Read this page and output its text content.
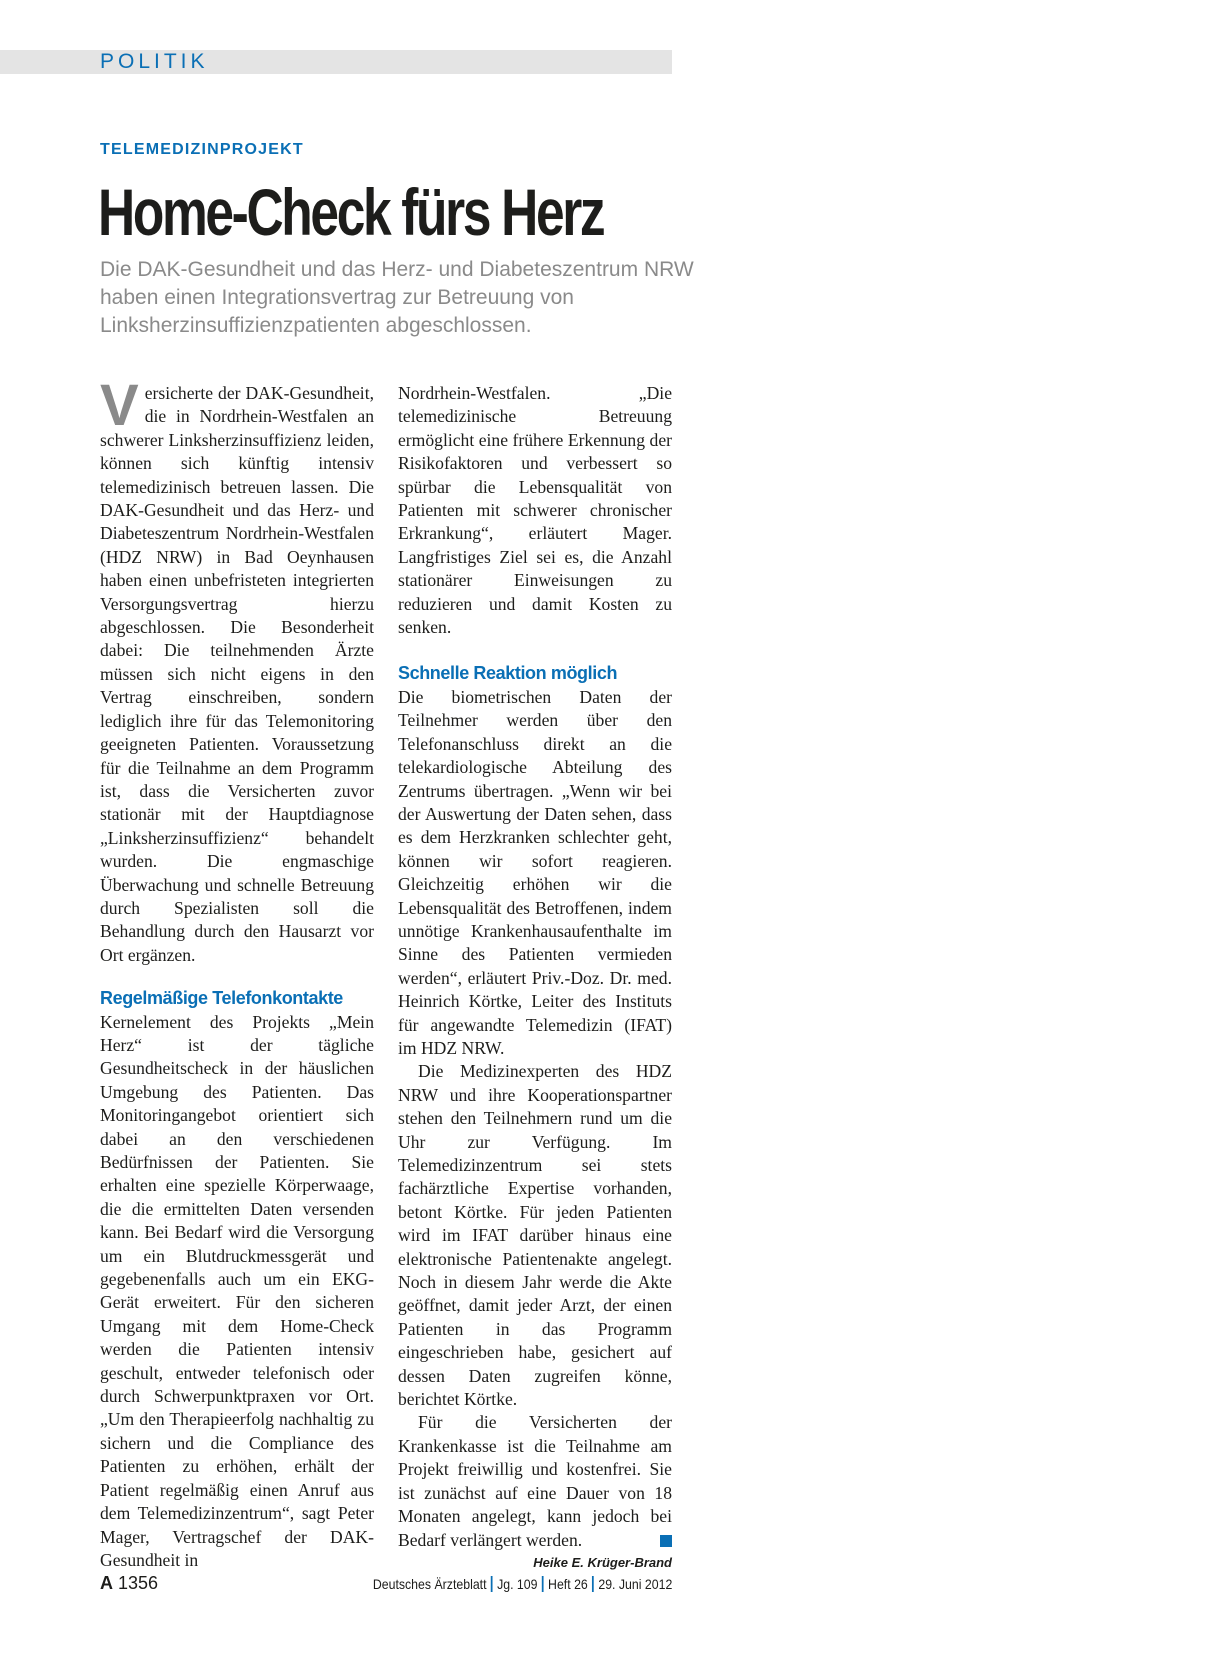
POLITIK
TELEMEDIZINPROJEKT
Home-Check fürs Herz

Die DAK-Gesundheit und das Herz- und Diabeteszentrum NRW haben einen Integrationsvertrag zur Betreuung von Linksherzinsuffizienzpatienten abgeschlossen.

Versicherte der DAK-Gesundheit, die in Nordrhein-Westfalen an schwerer Linksherzinsuffizienz leiden, können sich künftig intensiv telemedizinisch betreuen lassen. Die DAK-Gesundheit und das Herz- und Diabeteszentrum Nordrhein-Westfalen (HDZ NRW) in Bad Oeynhausen haben einen unbefristeten integrierten Versorgungsvertrag hierzu abgeschlossen. Die Besonderheit dabei: Die teilnehmenden Ärzte müssen sich nicht eigens in den Vertrag einschreiben, sondern lediglich ihre für das Telemonitoring geeigneten Patienten. Voraussetzung für die Teilnahme an dem Programm ist, dass die Versicherten zuvor stationär mit der Hauptdiagnose „Linksherzinsuffizienz“ behandelt wurden. Die engmaschige Überwachung und schnelle Betreuung durch Spezialisten soll die Behandlung durch den Hausarzt vor Ort ergänzen.

Regelmäßige Telefonkontakte

Kernelement des Projekts „Mein Herz“ ist der tägliche Gesundheitscheck in der häuslichen Umgebung des Patienten. Das Monitoringangebot orientiert sich dabei an den verschiedenen Bedürfnissen der Patienten. Sie erhalten eine spezielle Körperwaage, die die ermittelten Daten versenden kann. Bei Bedarf wird die Versorgung um ein Blutdruckmessgerät und gegebenenfalls auch um ein EKG-Gerät erweitert. Für den sicheren Umgang mit dem Home-Check werden die Patienten intensiv geschult, entweder telefonisch oder durch Schwerpunktpraxen vor Ort. „Um den Therapieerfolg nachhaltig zu sichern und die Compliance des Patienten zu erhöhen, erhält der Patient regelmäßig einen Anruf aus dem Telemedizinzentrum“, sagt Peter Mager, Vertragschef der DAK-Gesundheit in

Nordrhein-Westfalen. „Die telemedizinische Betreuung ermöglicht eine frühere Erkennung der Risikofaktoren und verbessert so spürbar die Lebensqualität von Patienten mit schwerer chronischer Erkrankung“, erläutert Mager. Langfristiges Ziel sei es, die Anzahl stationärer Einweisungen zu reduzieren und damit Kosten zu senken.

Schnelle Reaktion möglich

Die biometrischen Daten der Teilnehmer werden über den Telefonanschluss direkt an die telekardiologische Abteilung des Zentrums übertragen. „Wenn wir bei der Auswertung der Daten sehen, dass es dem Herzkranken schlechter geht, können wir sofort reagieren. Gleichzeitig erhöhen wir die Lebensqualität des Betroffenen, indem unnötige Krankenhausaufenthalte im Sinne des Patienten vermieden werden“, erläutert Priv.-Doz. Dr. med. Heinrich Körtke, Leiter des Instituts für angewandte Telemedizin (IFAT) im HDZ NRW.

Die Medizinexperten des HDZ NRW und ihre Kooperationspartner stehen den Teilnehmern rund um die Uhr zur Verfügung. Im Telemedizinzentrum sei stets fachärztliche Expertise vorhanden, betont Körtke. Für jeden Patienten wird im IFAT darüber hinaus eine elektronische Patientenakte angelegt. Noch in diesem Jahr werde die Akte geöffnet, damit jeder Arzt, der einen Patienten in das Programm eingeschrieben habe, gesichert auf dessen Daten zugreifen könne, berichtet Körtke.

Für die Versicherten der Krankenkasse ist die Teilnahme am Projekt freiwillig und kostenfrei. Sie ist zunächst auf eine Dauer von 18 Monaten angelegt, kann jedoch bei Bedarf verlängert werden.

Heike E. Krüger-Brand
A 1356	Deutsches Ärzteblatt Jg. 109 Heft 26 29. Juni 2012
